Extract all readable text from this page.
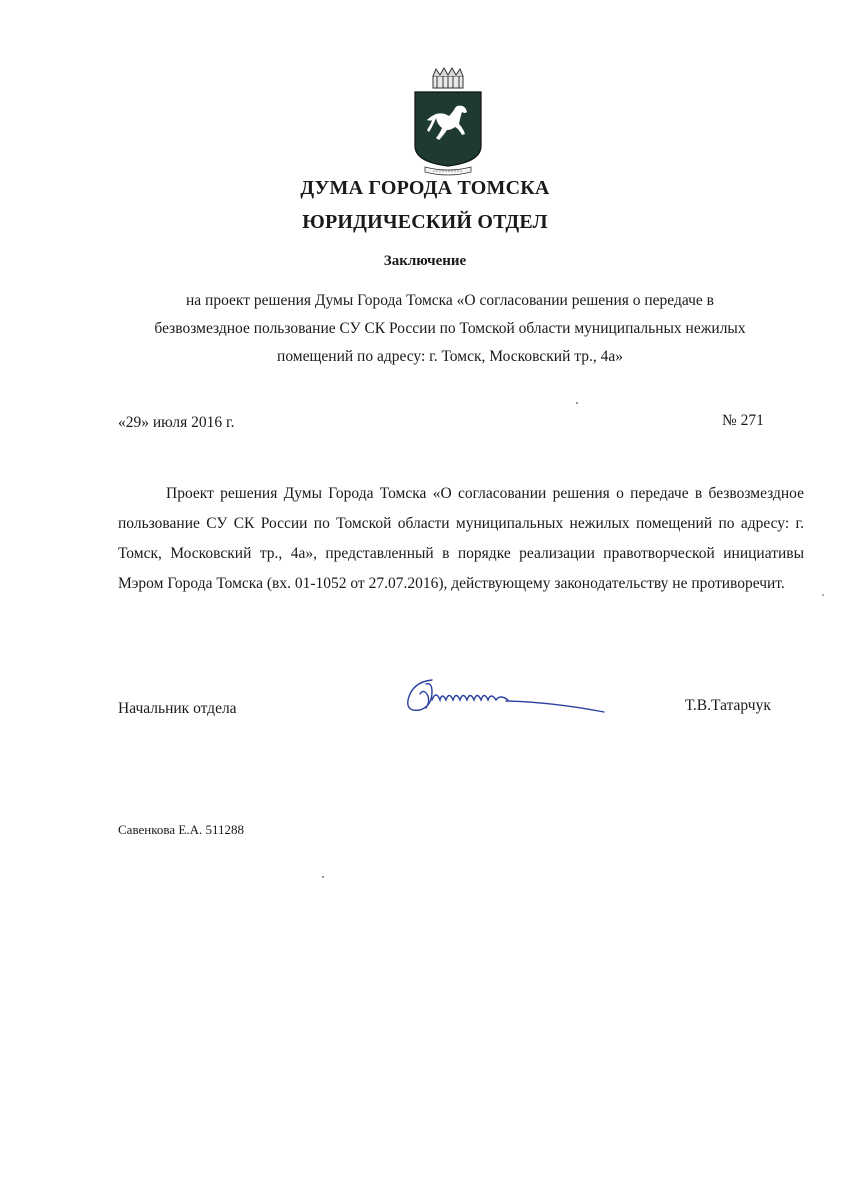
ДУМА ГОРОДА ТОМСКА
ЮРИДИЧЕСКИЙ ОТДЕЛ
Заключение
на проект решения Думы Города Томска «О согласовании решения о передаче в
безвозмездное пользование СУ СК России по Томской области муниципальных нежилых
помещений по адресу: г. Томск, Московский тр., 4а»
«29» июля 2016 г.	№ 271
Проект решения Думы Города Томска «О согласовании решения о передаче в безвозмездное пользование СУ СК России по Томской области муниципальных нежилых помещений по адресу: г. Томск, Московский тр., 4а», представленный в порядке реализации правотворческой инициативы Мэром Города Томска (вх. 01-1052 от 27.07.2016), действующему законодательству не противоречит.
Начальник отдела	Т.В.Татарчук
Савенкова Е.А. 511288
